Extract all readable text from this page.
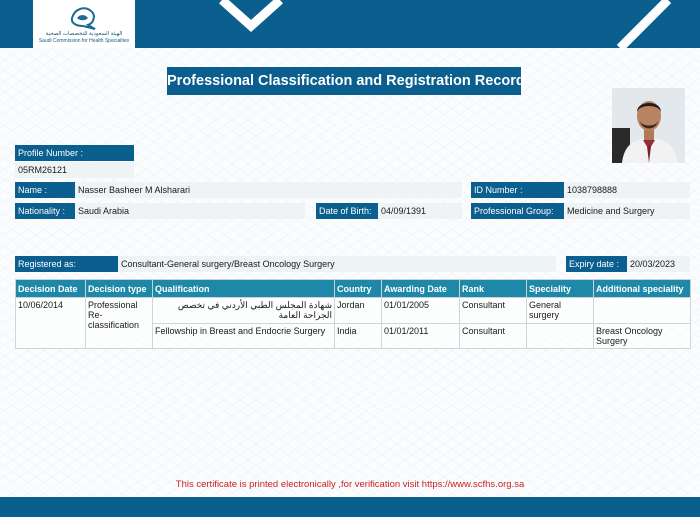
الهيئة السعودية للتخصصات الصحية
Saudi Commission for Health Specialties
Professional Classification and Registration Record
Profile Number :
05RM26121
Name :	Nasser Basheer M Alsharari	ID Number :	1038798888
Nationality :	Saudi Arabia	Date of Birth:	04/09/1391	Professional Group:	Medicine and Surgery
Registered as:	Consultant-General surgery/Breast Oncology Surgery	Expiry date :	20/03/2023
Decision Date	Decision type	Qualification	Country	Awarding Date	Rank	Speciality	Additional speciality
10/06/2014	Professional Re-classification	شهادة المجلس الطبي الأردني في تخصص الجراحة العامة	Jordan	01/01/2005	Consultant	General surgery	
		Fellowship in Breast and Endocrie Surgery	India	01/01/2011	Consultant		Breast Oncology Surgery
This certificate is printed electronically ,for verification visit https://www.scfhs.org.sa
